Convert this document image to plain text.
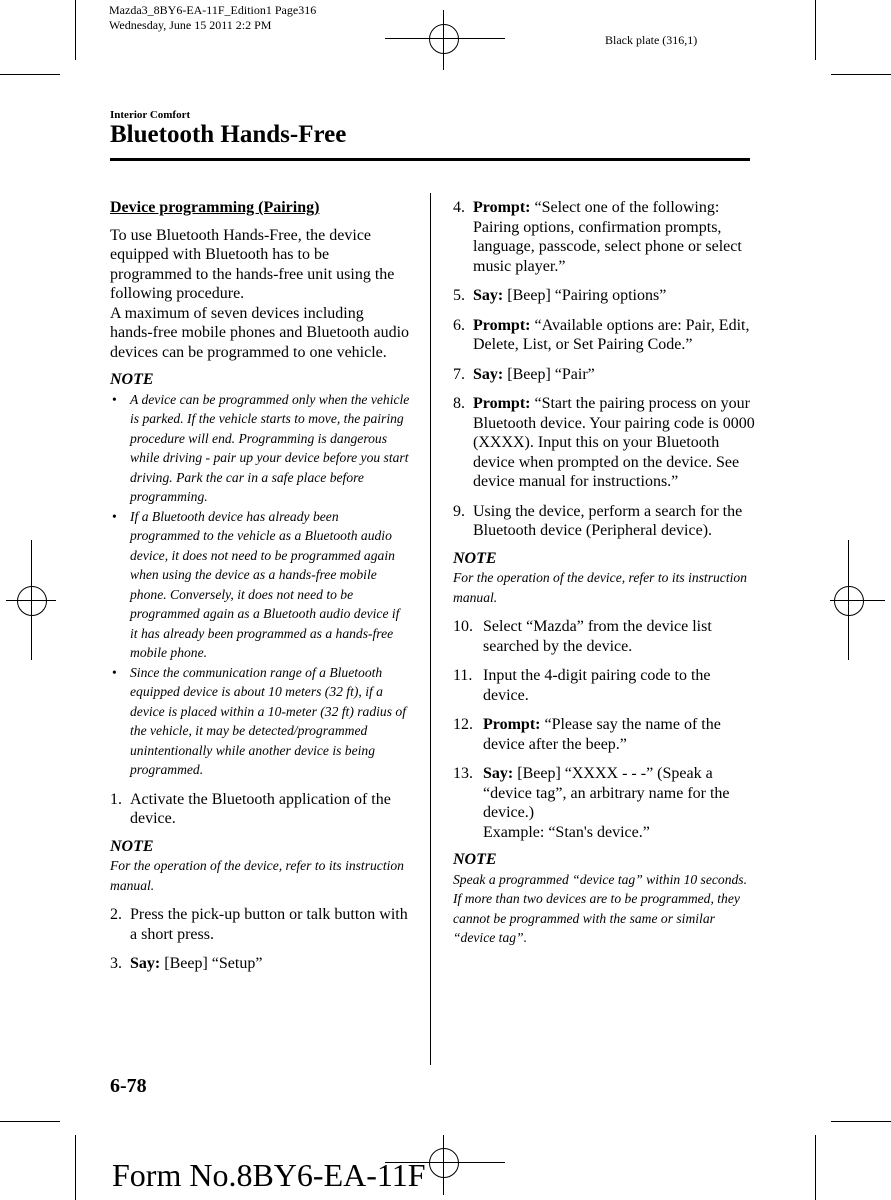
Mazda3_8BY6-EA-11F_Edition1 Page316
Wednesday, June 15 2011 2:2 PM
Black plate (316,1)
Interior Comfort
Bluetooth Hands-Free

Device programming (Pairing)

To use Bluetooth Hands-Free, the device equipped with Bluetooth has to be programmed to the hands-free unit using the following procedure.

A maximum of seven devices including hands-free mobile phones and Bluetooth audio devices can be programmed to one vehicle.

NOTE

• A device can be programmed only when the vehicle is parked. If the vehicle starts to move, the pairing procedure will end. Programming is dangerous while driving - pair up your device before you start driving. Park the car in a safe place before programming.
• If a Bluetooth device has already been programmed to the vehicle as a Bluetooth audio device, it does not need to be programmed again when using the device as a hands-free mobile phone. Conversely, it does not need to be programmed again as a Bluetooth audio device if it has already been programmed as a hands-free mobile phone.
• Since the communication range of a Bluetooth equipped device is about 10 meters (32 ft), if a device is placed within a 10-meter (32 ft) radius of the vehicle, it may be detected/programmed unintentionally while another device is being programmed.
1. Activate the Bluetooth application of the device.

NOTE

For the operation of the device, refer to its instruction manual.
2. Press the pick-up button or talk button with a short press.
3. Say: [Beep] “Setup”
4. Prompt: “Select one of the following: Pairing options, confirmation prompts, language, passcode, select phone or select music player.”
5. Say: [Beep] “Pairing options”
6. Prompt: “Available options are: Pair, Edit, Delete, List, or Set Pairing Code.”
7. Say: [Beep] “Pair”
8. Prompt: “Start the pairing process on your Bluetooth device. Your pairing code is 0000 (XXXX). Input this on your Bluetooth device when prompted on the device. See device manual for instructions.”
9. Using the device, perform a search for the Bluetooth device (Peripheral device).

NOTE

For the operation of the device, refer to its instruction manual.
10. Select “Mazda” from the device list searched by the device.
11. Input the 4-digit pairing code to the device.
12. Prompt: “Please say the name of the device after the beep.”
13. Say: [Beep] “XXXX - - -” (Speak a “device tag”, an arbitrary name for the device.)
Example: “Stan's device.”

NOTE

Speak a programmed “device tag” within 10 seconds.
If more than two devices are to be programmed, they cannot be programmed with the same or similar “device tag”.
6-78
Form No.8BY6-EA-11F
